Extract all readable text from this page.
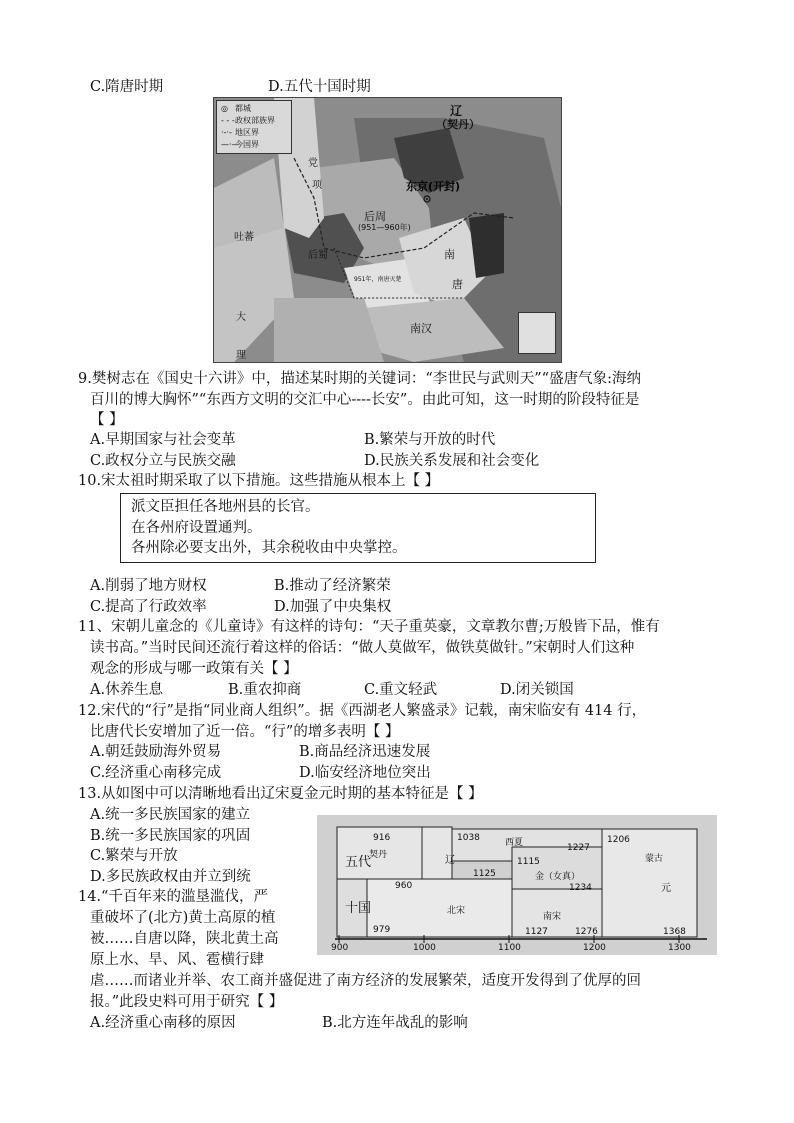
C.隋唐时期	D.五代十国时期
◎ 都城
- - -政权部族界
·-·- 地区界
—·—今国界
辽
（契丹）
党
项	东京(开封)
后周
(951—960年)
吐蕃
后蜀	南
唐
951年，南唐灭楚
大
理
南汉
9.樊树志在《国史十六讲》中，描述某时期的关键词：“李世民与武则天”“盛唐气象:海纳
百川的博大胸怀”“东西方文明的交汇中心----长安”。由此可知，这一时期的阶段特征是
【 】
A.早期国家与社会变革	B.繁荣与开放的时代
C.政权分立与民族交融	D.民族关系发展和社会变化
10.宋太祖时期采取了以下措施。这些措施从根本上【 】
派文臣担任各地州县的长官。
在各州府设置通判。
各州除必要支出外，其余税收由中央掌控。
A.削弱了地方财权	B.推动了经济繁荣
C.提高了行政效率	D.加强了中央集权
11、宋朝儿童念的《儿童诗》有这样的诗句：“天子重英豪，文章教尔曹;万般皆下品，惟有
读书高。”当时民间还流行着这样的俗话：“做人莫做军，做铁莫做针。”宋朝时人们这种
观念的形成与哪一政策有关【 】
A.休养生息	B.重农抑商	C.重文轻武	D.闭关锁国
12.宋代的“行”是指“同业商人组织”。据《西湖老人繁盛录》记载，南宋临安有 414 行，
比唐代长安增加了近一倍。“行”的增多表明【 】
A.朝廷鼓励海外贸易	B.商品经济迅速发展
C.经济重心南移完成	D.临安经济地位突出
13.从如图中可以清晰地看出辽宋夏金元时期的基本特征是【 】
A.统一多民族国家的建立
B.统一多民族国家的巩固
C.繁荣与开放
D.多民族政权由并立到统
916	1038
1227
1206
1125
1115
960	1234
979	1127	1276	1368
契丹	辽
西夏
金（女真）
北宋
南宋
蒙古
元
五代
十国
900	1000	1100	1200	1300
14.“千百年来的滥垦滥伐，严
重破坏了(北方)黄土高原的植
被……自唐以降，陕北黄土高
原上水、旱、风、雹横行肆
虐……而诸业并举、农工商并盛促进了南方经济的发展繁荣，适度开发得到了优厚的回
报。”此段史料可用于研究【 】
A.经济重心南移的原因	B.北方连年战乱的影响
